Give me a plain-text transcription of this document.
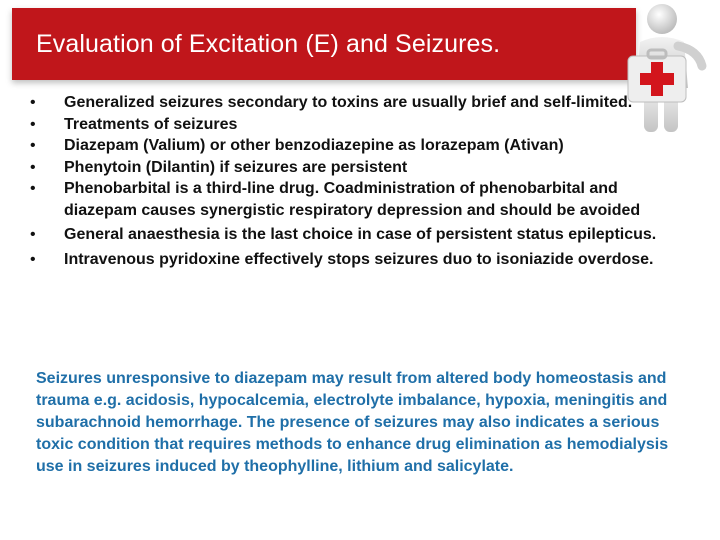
Evaluation of Excitation (E) and Seizures.
• Generalized seizures secondary to toxins are usually brief and self-limited.
• Treatments of seizures
• Diazepam (Valium) or other benzodiazepine as lorazepam (Ativan)
• Phenytoin (Dilantin) if seizures are persistent
• Phenobarbital is a third-line drug. Coadministration of phenobarbital and diazepam causes synergistic respiratory depression and should be avoided
• General anaesthesia is the last choice in case of persistent status epilepticus.
• Intravenous pyridoxine effectively stops seizures duo to isoniazide overdose.

Seizures unresponsive to diazepam may result from altered body homeostasis and trauma e.g. acidosis, hypocalcemia, electrolyte imbalance, hypoxia, meningitis and subarachnoid hemorrhage. The presence of seizures may also indicates a serious toxic condition that requires methods to enhance drug elimination as hemodialysis use in seizures induced by theophylline, lithium and salicylate.
